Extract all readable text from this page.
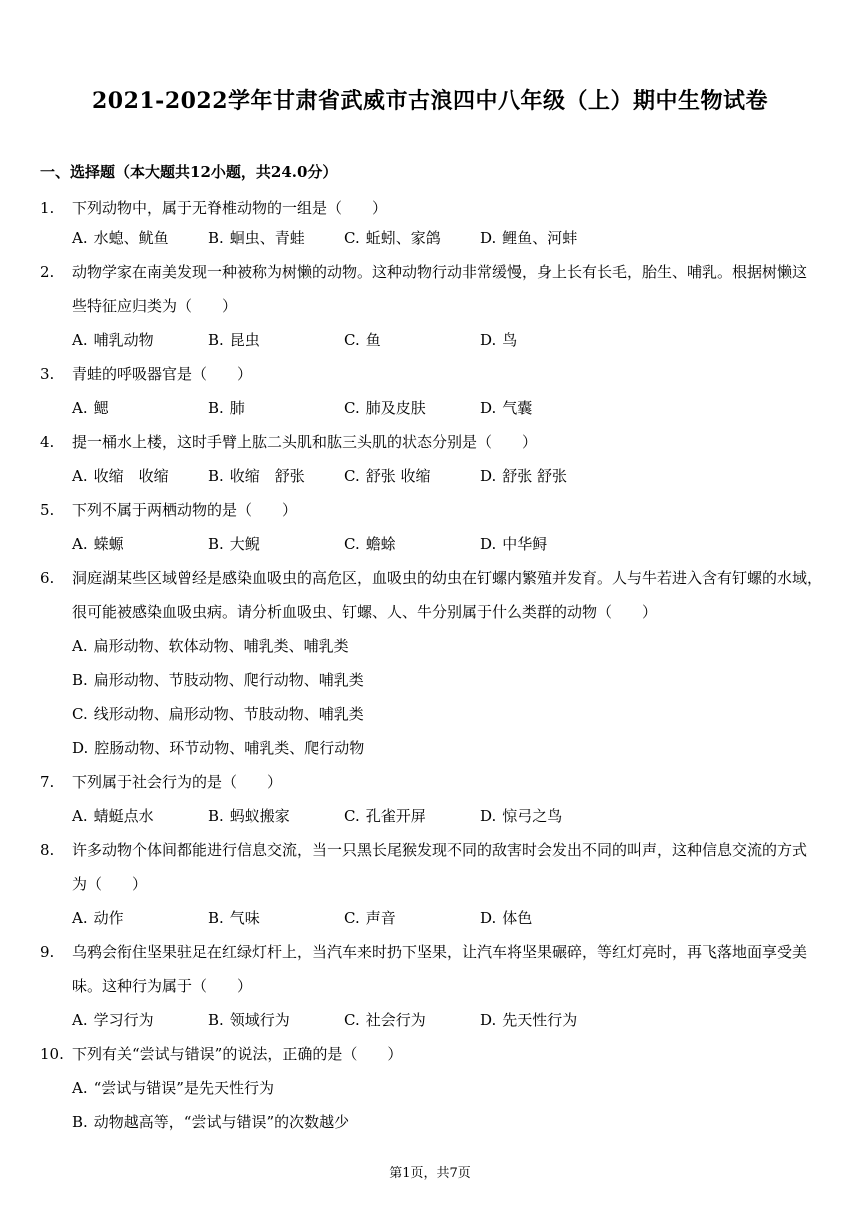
2021-2022学年甘肃省武威市古浪四中八年级（上）期中生物试卷
一、选择题（本大题共12小题，共24.0分）
1. 下列动物中，属于无脊椎动物的一组是（　　）
A. 水螅、鱿鱼	B. 蛔虫、青蛙	C. 蚯蚓、家鸽	D. 鲤鱼、河蚌
2. 动物学家在南美发现一种被称为树懒的动物。这种动物行动非常缓慢，身上长有长毛，胎生、哺乳。根据树懒这
些特征应归类为（　　）
A. 哺乳动物	B. 昆虫	C. 鱼	D. 鸟
3. 青蛙的呼吸器官是（　　）
A. 鳃	B. 肺	C. 肺及皮肤	D. 气囊
4. 提一桶水上楼，这时手臂上肱二头肌和肱三头肌的状态分别是（　　）
A. 收缩　收缩	B. 收缩　舒张	C. 舒张 收缩	D. 舒张 舒张
5. 下列不属于两栖动物的是（　　）
A. 蝾螈	B. 大鲵	C. 蟾蜍	D. 中华鲟
6. 洞庭湖某些区域曾经是感染血吸虫的高危区，血吸虫的幼虫在钉螺内繁殖并发育。人与牛若进入含有钉螺的水域，
很可能被感染血吸虫病。请分析血吸虫、钉螺、人、牛分别属于什么类群的动物（　　）
A. 扁形动物、软体动物、哺乳类、哺乳类
B. 扁形动物、节肢动物、爬行动物、哺乳类
C. 线形动物、扁形动物、节肢动物、哺乳类
D. 腔肠动物、环节动物、哺乳类、爬行动物
7. 下列属于社会行为的是（　　）
A. 蜻蜓点水	B. 蚂蚁搬家	C. 孔雀开屏	D. 惊弓之鸟
8. 许多动物个体间都能进行信息交流，当一只黑长尾猴发现不同的敌害时会发出不同的叫声，这种信息交流的方式
为（　　）
A. 动作	B. 气味	C. 声音	D. 体色
9. 乌鸦会衔住坚果驻足在红绿灯杆上，当汽车来时扔下坚果，让汽车将坚果碾碎，等红灯亮时，再飞落地面享受美
味。这种行为属于（　　）
A. 学习行为	B. 领域行为	C. 社会行为	D. 先天性行为
10. 下列有关“尝试与错误”的说法，正确的是（　　）
A. “尝试与错误”是先天性行为
B. 动物越高等，“尝试与错误”的次数越少
第1页，共7页
